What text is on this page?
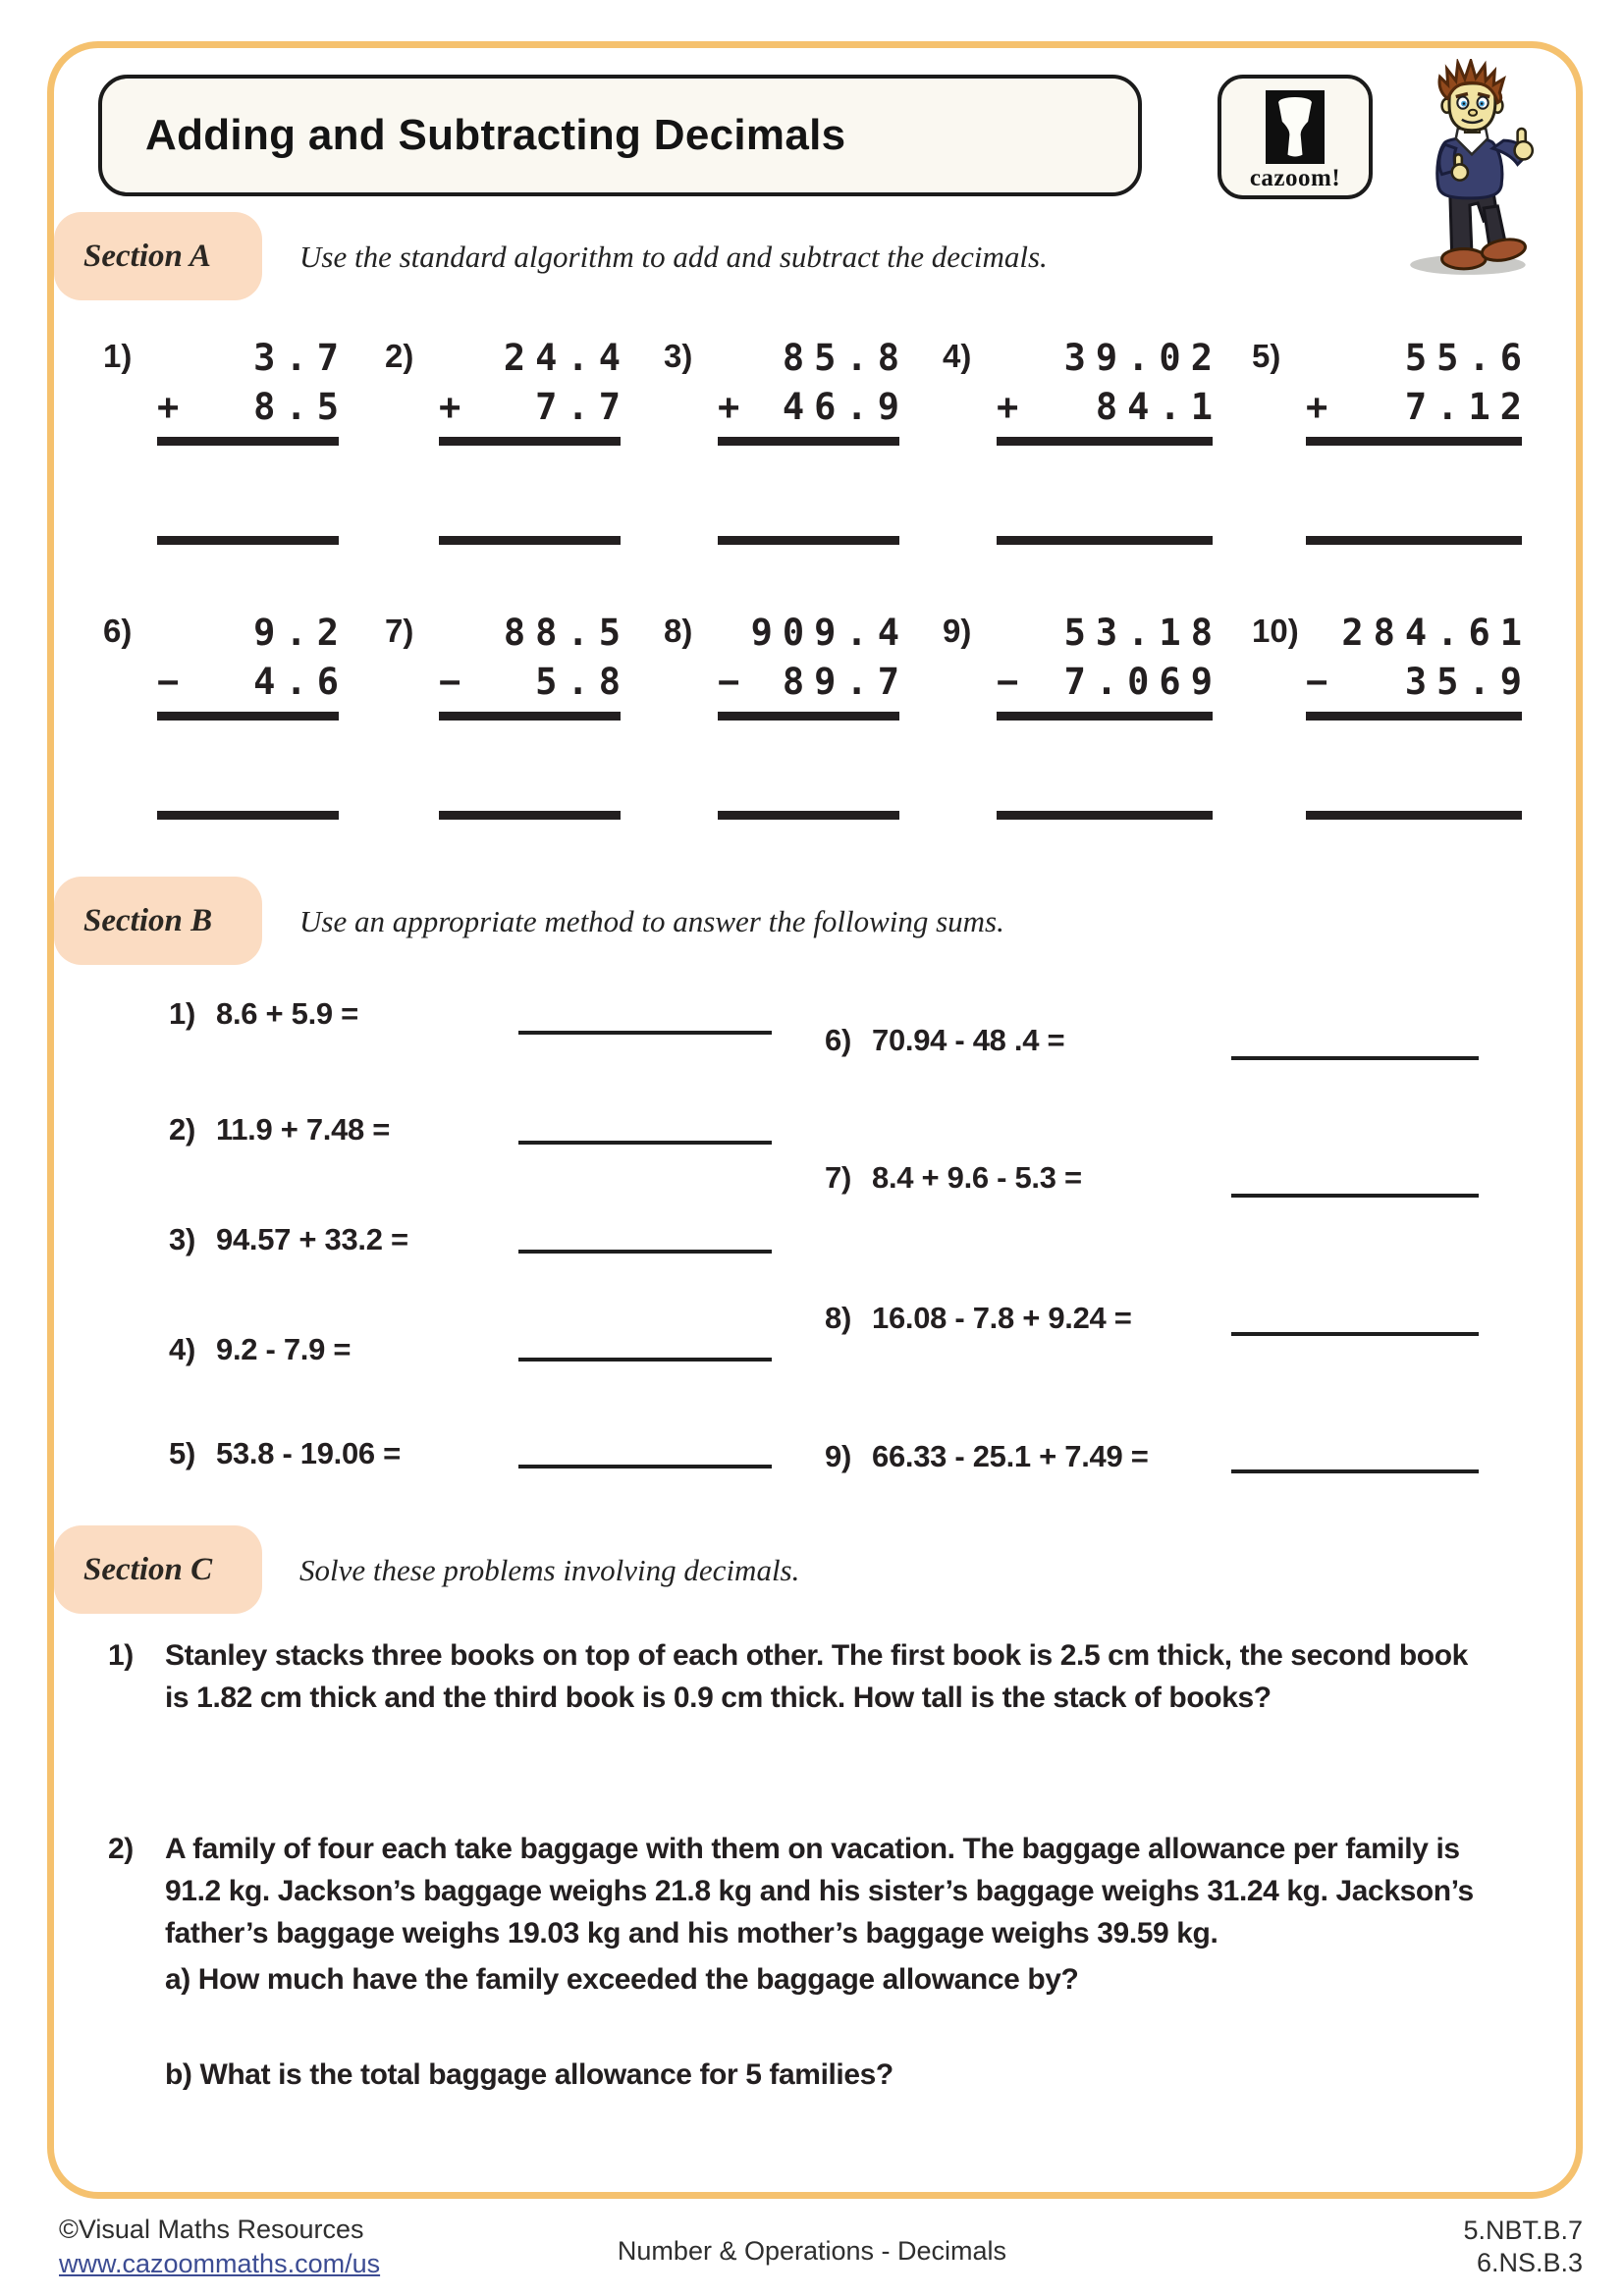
Adding and Subtracting Decimals
cazoom!
Section A	Use the standard algorithm to add and subtract the decimals.
1)	3.7
+ 8.5
2)	24.4
+ 7.7
3)	85.8
+ 46.9
4)	39.02
+ 84.1
5)	55.6
+ 7.12
6)	9.2
− 4.6
7)	88.5
− 5.8
8)	909.4
− 89.7
9)	53.18
− 7.069
10)	284.61
− 35.9
Section B	Use an appropriate method to answer the following sums.
1) 8.6 + 5.9 =
2) 11.9 + 7.48 =
3) 94.57 + 33.2 =
4) 9.2 - 7.9 =
5) 53.8 - 19.06 =
6) 70.94 - 48 .4 =
7) 8.4 + 9.6 - 5.3 =
8) 16.08 - 7.8 + 9.24 =
9) 66.33 - 25.1 + 7.49 =
Section C	Solve these problems involving decimals.
1) Stanley stacks three books on top of each other. The first book is 2.5 cm thick, the second book is 1.82 cm thick and the third book is 0.9 cm thick. How tall is the stack of books?
2) A family of four each take baggage with them on vacation. The baggage allowance per family is 91.2 kg. Jackson’s baggage weighs 21.8 kg and his sister’s baggage weighs 31.24 kg. Jackson’s father’s baggage weighs 19.03 kg and his mother’s baggage weighs 39.59 kg.
a) How much have the family exceeded the baggage allowance by?
b) What is the total baggage allowance for 5 families?
©Visual Maths Resources
www.cazoommaths.com/us	Number & Operations - Decimals
5.NBT.B.7
6.NS.B.3
